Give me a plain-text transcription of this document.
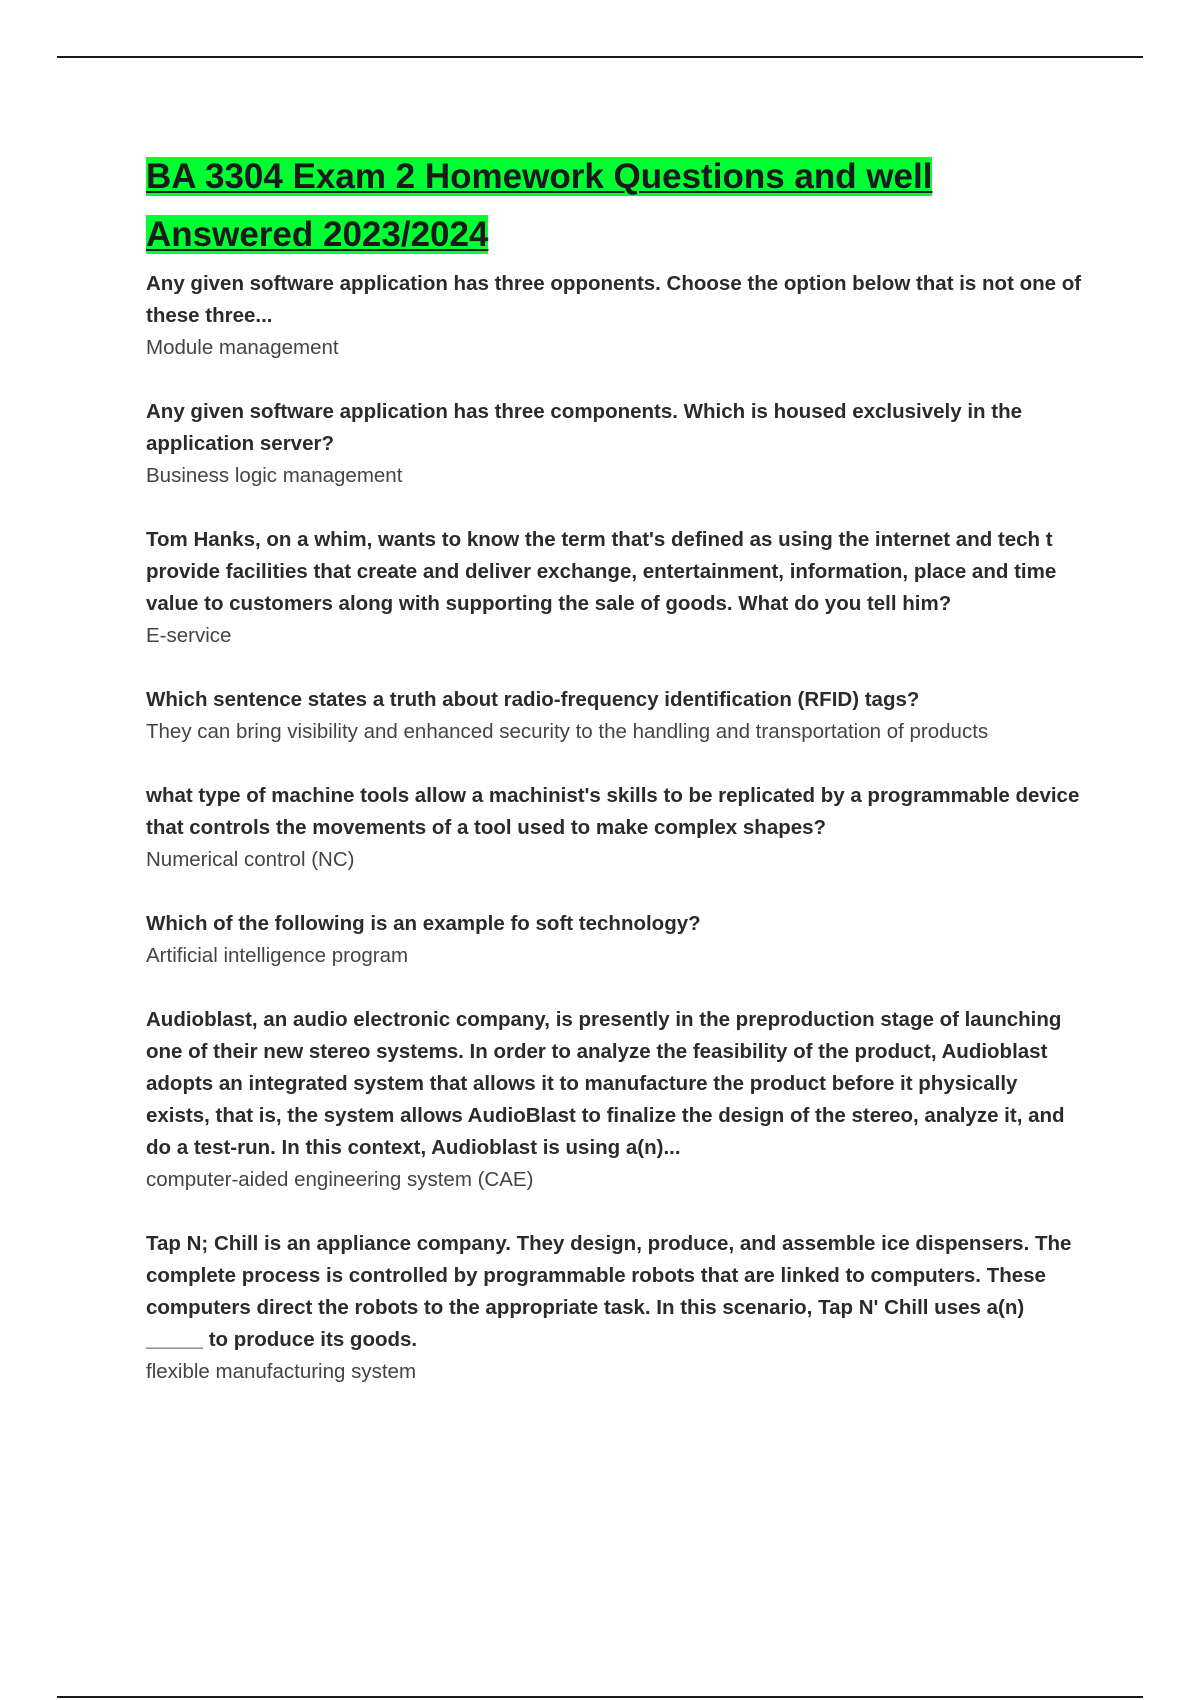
BA 3304 Exam 2 Homework Questions and well Answered 2023/2024

Any given software application has three opponents. Choose the option below that is not one of these three...

Module management

Any given software application has three components. Which is housed exclusively in the application server?

Business logic management

Tom Hanks, on a whim, wants to know the term that's defined as using the internet and tech t provide facilities that create and deliver exchange, entertainment, information, place and time value to customers along with supporting the sale of goods. What do you tell him?

E-service

Which sentence states a truth about radio-frequency identification (RFID) tags?

They can bring visibility and enhanced security to the handling and transportation of products

what type of machine tools allow a machinist's skills to be replicated by a programmable device that controls the movements of a tool used to make complex shapes?

Numerical control (NC)

Which of the following is an example fo soft technology?

Artificial intelligence program

Audioblast, an audio electronic company, is presently in the preproduction stage of launching one of their new stereo systems. In order to analyze the feasibility of the product, Audioblast adopts an integrated system that allows it to manufacture the product before it physically exists, that is, the system allows AudioBlast to finalize the design of the stereo, analyze it, and do a test-run. In this context, Audioblast is using a(n)...

computer-aided engineering system (CAE)

Tap N; Chill is an appliance company. They design, produce, and assemble ice dispensers. The complete process is controlled by programmable robots that are linked to computers. These computers direct the robots to the appropriate task. In this scenario, Tap N' Chill uses a(n) _____ to produce its goods.

flexible manufacturing system
